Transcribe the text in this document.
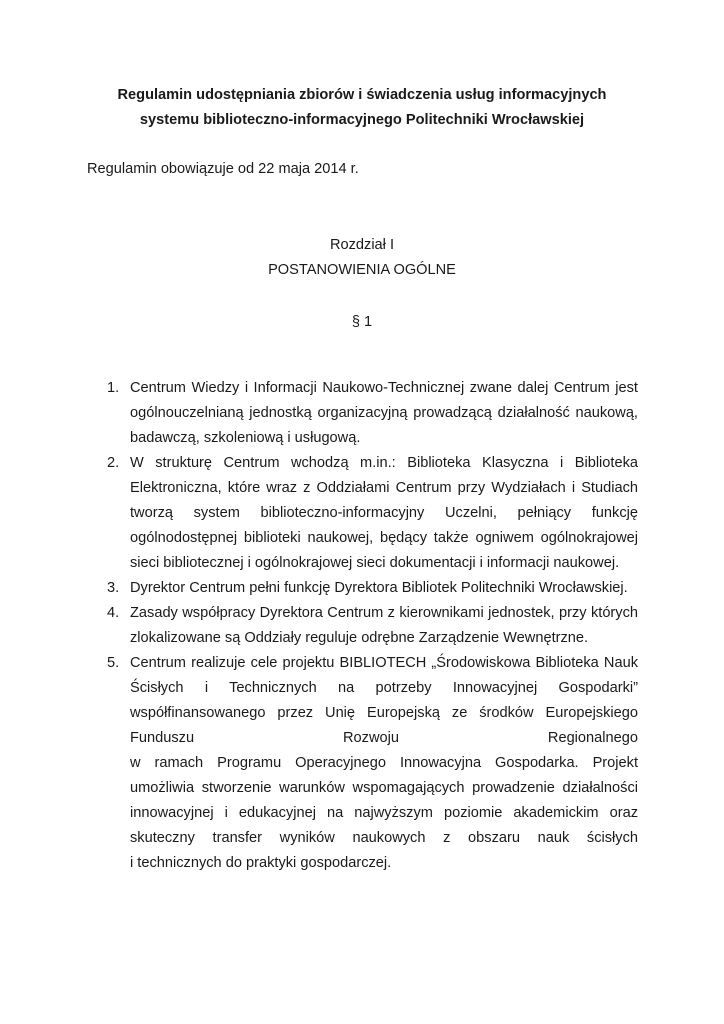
Regulamin udostępniania zbiorów i świadczenia usług informacyjnych
systemu biblioteczno-informacyjnego Politechniki Wrocławskiej
Regulamin obowiązuje od 22 maja 2014 r.
Rozdział I
POSTANOWIENIA OGÓLNE
§ 1
1. Centrum Wiedzy i Informacji Naukowo-Technicznej zwane dalej Centrum jest
ogólnouczelnianą jednostką organizacyjną prowadzącą działalność naukową,
badawczą, szkoleniową i usługową.
2. W strukturę Centrum wchodzą m.in.: Biblioteka Klasyczna i Biblioteka
Elektroniczna, które wraz z Oddziałami Centrum przy Wydziałach i Studiach
tworzą system biblioteczno-informacyjny Uczelni, pełniący funkcję
ogólnodostępnej biblioteki naukowej, będący także ogniwem ogólnokrajowej
sieci bibliotecznej i ogólnokrajowej sieci dokumentacji i informacji naukowej.
3. Dyrektor Centrum pełni funkcję Dyrektora Bibliotek Politechniki Wrocławskiej.
4. Zasady współpracy Dyrektora Centrum z kierownikami jednostek, przy których
zlokalizowane są Oddziały reguluje odrębne Zarządzenie Wewnętrzne.
5. Centrum realizuje cele projektu BIBLIOTECH „Środowiskowa Biblioteka Nauk
Ścisłych i Technicznych na potrzeby Innowacyjnej Gospodarki”
współfinansowanego przez Unię Europejską ze środków Europejskiego
Funduszu Rozwoju Regionalnego
w ramach Programu Operacyjnego Innowacyjna Gospodarka. Projekt
umożliwia stworzenie warunków wspomagających prowadzenie działalności
innowacyjnej i edukacyjnej na najwyższym poziomie akademickim oraz
skuteczny transfer wyników naukowych z obszaru nauk ścisłych
i technicznych do praktyki gospodarczej.
